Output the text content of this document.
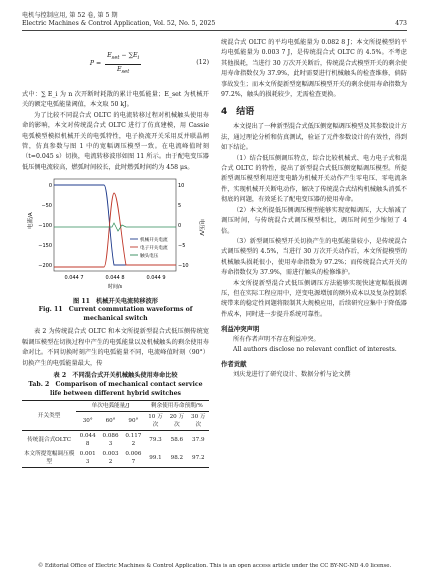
电机与控制应用, 第 52 卷, 第 5 期
Electric Machines & Control Application, Vol. 52, No. 5, 2025	473
$P = \frac{E_{set} - \sum E_i}{E_{set}}$	(12)

式中：∑ E_i 为 n 次开断时耗散的累计电弧能量；E_set 为机械开关的额定电弧能量阈值，本文取 50 kJ。

为了比较不同混合式 OLTC 的电流转移过程对机械触头使用寿命的影响，本文对传统混合式 OLTC 进行了仿真建模，用 Cassie 电弧模型模拟机械开关的电弧特性，电子换流开关采用反并联晶闸管，仿真参数与图 1 中的宽幅调压模型一致。在电流峰值时刻（t=0.045 s）切换，电流转移波形如图 11 所示。由于配电变压器低压侧电流较高，燃弧时间较长，此时燃弧时间约为 458 μs。

电流/A	电压/V
0
−50
−100
−150
−200
10
5
0
−5
−10
0.044 7	0.044 8	0.044 9
时间/s
机械开关电流
电子开关电流
触头电压
图 11　机械开关电流转移波形
Fig. 11　Current commutation waveforms of mechanical switch

表 2 为传统混合式 OLTC 和本文所提新型混合式低压侧传统宽幅调压模型在切换过程中产生的电弧能量以及机械触头的剩余使用寿命对比。不同切换时刻产生的电弧能量不同，电流峰值时刻（90°）切换产生的电弧能量最大，传

表 2　不同混合式开关机械触头使用寿命比较
Tab. 2　Comparison of mechanical contact service life between different hybrid switches
开关类型	单次电弧能量/J			剩余使用寿命预期/%		
	30°	60°	90°	10 万次	20 万次	30 万次
传统混合式OLTC	0.044 8	0.086 3	0.117 2	79.3	58.6	37.9
本文所提宽幅调压模型	0.001 3	0.003 2	0.006 7	99.1	98.2	97.2

统混合式 OLTC 的平均电弧能量为 0.082 8 J；本文所提模型的平均电弧能量为 0.003 7 J，是传统混合式 OLTC 的 4.5%。不考虑其他损耗，当进行 30 万次开关断后，传统混合式模型开关的剩余使用寿命指数仅为 37.9%，此时需要进行机械触头的检查维修，倘防事故发生；而本文所提新型宽幅调压模型开关的剩余使用寿命指数为 97.2%，触头的损耗较少，无需检查更换。

4　结语

本文提出了一种新型混合式低压侧宽幅调压模型及其参数设计方法，通过理论分析和仿真测试，验证了元件参数设计的有效性，得到如下结论。

（1）结合低压侧调压特点，综合比较机械式、电力电子式和混合式 OLTC 的特性，提出了新型混合式低压侧宽幅调压模型。所提新型调压模型利用逆变电路为机械开关动作产生零电压、零电流条件，实现机械开关断电动作，解决了传统混合式结构机械触头消弧不彻底的问题，有效延长了配电变压器的使用寿命。

（2）本文所提低压侧调压模型能够实现宽幅调压，大大缩减了调压时间，与传统混合式调压模型相比，调压时间至少缩短了 4 倍。

（3）新型调压模型开关切换产生的电弧能量较小，是传统混合式调压模型的 4.5%，当进行 30 万次开关动作后，本文所提模型的机械触头损耗很小，使用寿命指数为 97.2%；而传统混合式开关的寿命指数仅为 37.9%，需进行触头的检修维护。

本文所提新型混合式低压侧调压方法能够实现快速宽幅低损调压，但在实际工程应用中，逆变电源增加的额外成本以及复杂控制系统带来的稳定性问题将限制其大规模应用，后续研究应集中于降低器件成本，同时进一步提升系统可靠性。

利益冲突声明

所有作者声明不存在利益冲突。

All authors disclose no relevant conflict of interests.

作者贡献

刘庆龙进行了研究设计、数据分析与论文撰

© Editorial Office of Electric Machines & Control Application. This is an open access article under the CC BY-NC-ND 4.0 license.
